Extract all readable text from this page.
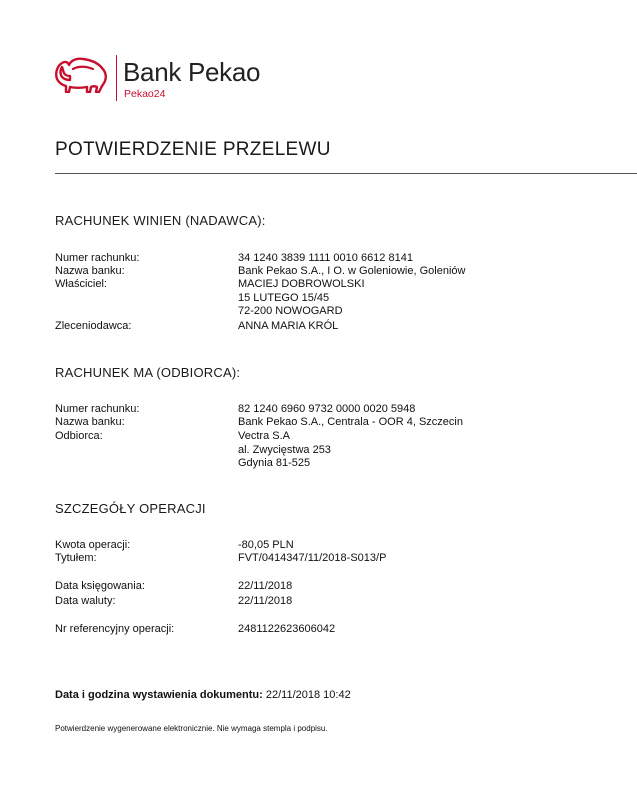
Bank Pekao
Pekao24
POTWIERDZENIE PRZELEWU
RACHUNEK WINIEN (NADAWCA):
Numer rachunku:	34 1240 3839 1111 0010 6612 8141
Nazwa banku:	Bank Pekao S.A., I O. w Goleniowie, Goleniów
Właściciel:	MACIEJ DOBROWOLSKI
15 LUTEGO 15/45
72-200 NOWOGARD
Zleceniodawca:	ANNA MARIA KRÓL
RACHUNEK MA (ODBIORCA):
Numer rachunku:	82 1240 6960 9732 0000 0020 5948
Nazwa banku:	Bank Pekao S.A., Centrala - OOR 4, Szczecin
Odbiorca:	Vectra S.A
al. Zwycięstwa 253
Gdynia 81-525
SZCZEGÓŁY OPERACJI
Kwota operacji:	-80,05 PLN
Tytułem:	FVT/0414347/11/2018-S013/P
Data księgowania:	22/11/2018
Data waluty:	22/11/2018
Nr referencyjny operacji:	2481122623606042
Data i godzina wystawienia dokumentu: 22/11/2018 10:42
Potwierdzenie wygenerowane elektronicznie. Nie wymaga stempla i podpisu.
